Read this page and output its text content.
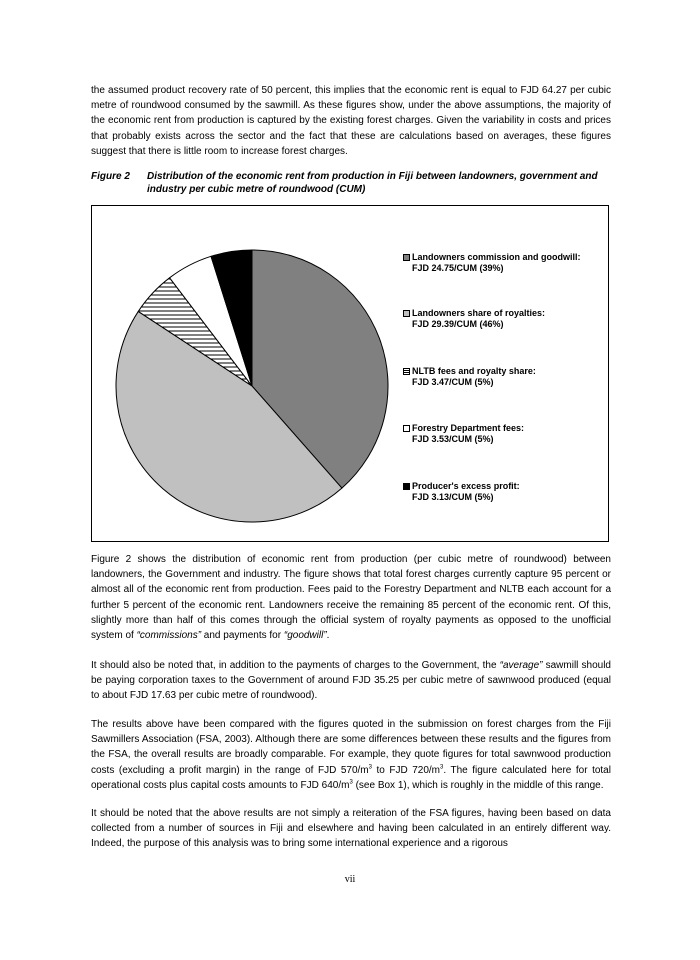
the assumed product recovery rate of 50 percent, this implies that the economic rent is equal to FJD 64.27 per cubic metre of roundwood consumed by the sawmill. As these figures show, under the above assumptions, the majority of the economic rent from production is captured by the existing forest charges. Given the variability in costs and prices that probably exists across the sector and the fact that these are calculations based on averages, these figures suggest that there is little room to increase forest charges.

Figure 2	Distribution of the economic rent from production in Fiji between landowners, government and industry per cubic metre of roundwood (CUM)
Landowners commission and goodwill:
FJD 24.75/CUM (39%)
Landowners share of royalties:
FJD 29.39/CUM (46%)
NLTB fees and royalty share:
FJD 3.47/CUM (5%)
Forestry Department fees:
FJD 3.53/CUM (5%)
Producer's excess profit:
FJD 3.13/CUM (5%)

Figure 2 shows the distribution of economic rent from production (per cubic metre of roundwood) between landowners, the Government and industry. The figure shows that total forest charges currently capture 95 percent or almost all of the economic rent from production. Fees paid to the Forestry Department and NLTB each account for a further 5 percent of the economic rent. Landowners receive the remaining 85 percent of the economic rent. Of this, slightly more than half of this comes through the official system of royalty payments as opposed to the unofficial system of “commissions” and payments for “goodwill”.

It should also be noted that, in addition to the payments of charges to the Government, the “average” sawmill should be paying corporation taxes to the Government of around FJD 35.25 per cubic metre of sawnwood produced (equal to about FJD 17.63 per cubic metre of roundwood).

The results above have been compared with the figures quoted in the submission on forest charges from the Fiji Sawmillers Association (FSA, 2003). Although there are some differences between these results and the figures from the FSA, the overall results are broadly comparable. For example, they quote figures for total sawnwood production costs (excluding a profit margin) in the range of FJD $570/m^3$ to FJD $720/m^3$. The figure calculated here for total operational costs plus capital costs amounts to FJD $640/m^3$ (see Box 1), which is roughly in the middle of this range.

It should be noted that the above results are not simply a reiteration of the FSA figures, having been based on data collected from a number of sources in Fiji and elsewhere and having been calculated in an entirely different way. Indeed, the purpose of this analysis was to bring some international experience and a rigorous

vii
